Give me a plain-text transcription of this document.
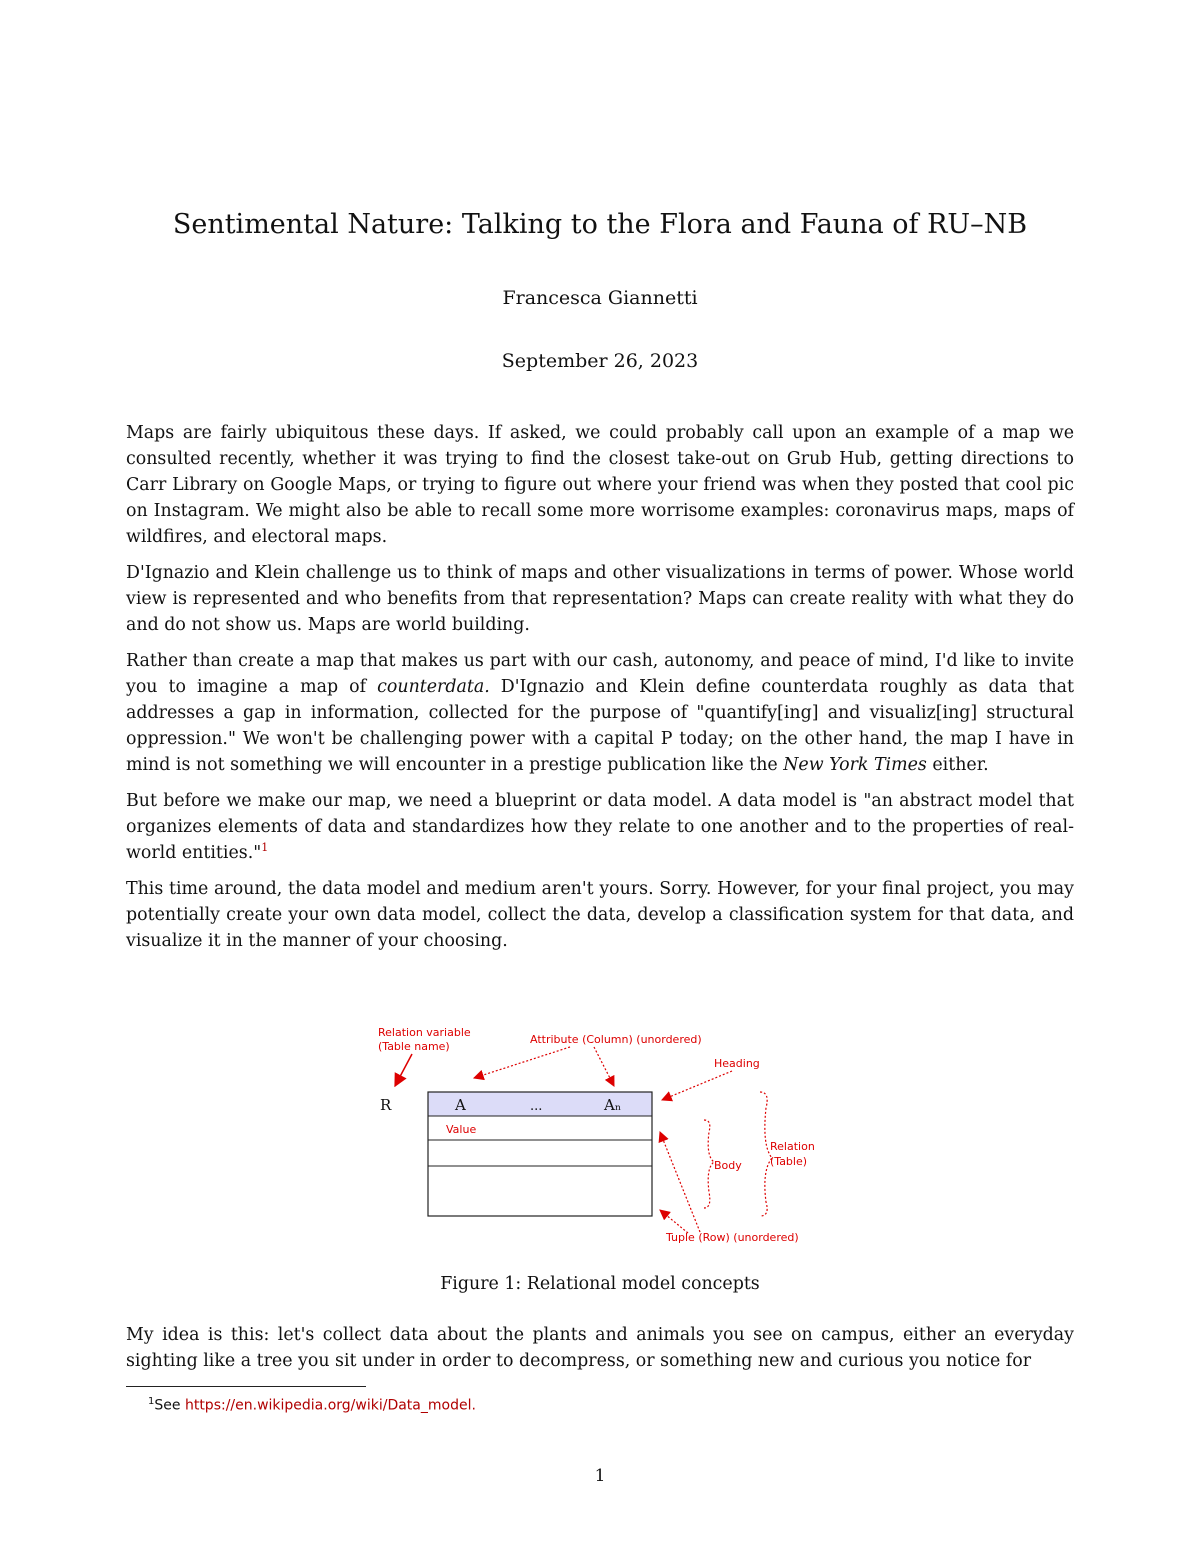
Sentimental Nature: Talking to the Flora and Fauna of RU–NB
Francesca Giannetti
September 26, 2023

Maps are fairly ubiquitous these days. If asked, we could probably call upon an example of a map we consulted recently, whether it was trying to find the closest take-out on Grub Hub, getting directions to Carr Library on Google Maps, or trying to figure out where your friend was when they posted that cool pic on Instagram. We might also be able to recall some more worrisome examples: coronavirus maps, maps of wildfires, and electoral maps.

D'Ignazio and Klein challenge us to think of maps and other visualizations in terms of power. Whose world view is represented and who benefits from that representation? Maps can create reality with what they do and do not show us. Maps are world building.

Rather than create a map that makes us part with our cash, autonomy, and peace of mind, I'd like to invite you to imagine a map of counterdata. D'Ignazio and Klein define counterdata roughly as data that addresses a gap in information, collected for the purpose of "quantify[ing] and visualiz[ing] structural oppression." We won't be challenging power with a capital P today; on the other hand, the map I have in mind is not something we will encounter in a prestige publication like the New York Times either.

But before we make our map, we need a blueprint or data model. A data model is "an abstract model that organizes elements of data and standardizes how they relate to one another and to the properties of real-world entities."$^1$

This time around, the data model and medium aren't yours. Sorry. However, for your final project, you may potentially create your own data model, collect the data, develop a classification system for that data, and visualize it in the manner of your choosing.

R	A	...	Aₙ
Value
Relation variable
(Table name)
Attribute (Column) (unordered)
Heading
Body
Relation
(Table)
Tuple (Row) (unordered)
Figure 1: Relational model concepts

My idea is this: let's collect data about the plants and animals you see on campus, either an everyday sighting like a tree you sit under in order to decompress, or something new and curious you notice for

$^1$See https://en.wikipedia.org/wiki/Data_model.
1
